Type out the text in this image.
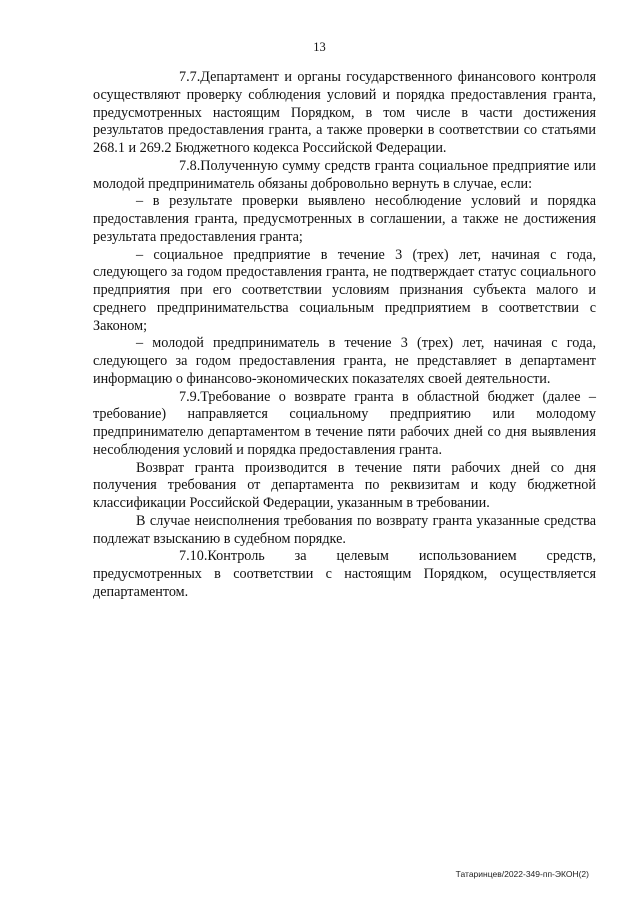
13

7.7.Департамент и органы государственного финансового контроля осуществляют проверку соблюдения условий и порядка предоставления гранта, предусмотренных настоящим Порядком, в том числе в части достижения результатов предоставления гранта, а также проверки в соответствии со статьями 268.1 и 269.2 Бюджетного кодекса Российской Федерации.

7.8.Полученную сумму средств гранта социальное предприятие или молодой предприниматель обязаны добровольно вернуть в случае, если:

– в результате проверки выявлено несоблюдение условий и порядка предоставления гранта, предусмотренных в соглашении, а также не достижения результата предоставления гранта;

– социальное предприятие в течение 3 (трех) лет, начиная с года, следующего за годом предоставления гранта, не подтверждает статус социального предприятия при его соответствии условиям признания субъекта малого и среднего предпринимательства социальным предприятием в соответствии с Законом;

– молодой предприниматель в течение 3 (трех) лет, начиная с года, следующего за годом предоставления гранта, не представляет в департамент информацию о финансово-экономических показателях своей деятельности.

7.9.Требование о возврате гранта в областной бюджет (далее – требование) направляется социальному предприятию или молодому предпринимателю департаментом в течение пяти рабочих дней со дня выявления несоблюдения условий и порядка предоставления гранта.

Возврат гранта производится в течение пяти рабочих дней со дня получения требования от департамента по реквизитам и коду бюджетной классификации Российской Федерации, указанным в требовании.

В случае неисполнения требования по возврату гранта указанные средства подлежат взысканию в судебном порядке.

7.10.Контроль за целевым использованием средств, предусмотренных в соответствии с настоящим Порядком, осуществляется департаментом.

Татаринцев/2022-349-пп-ЭКОН(2)
